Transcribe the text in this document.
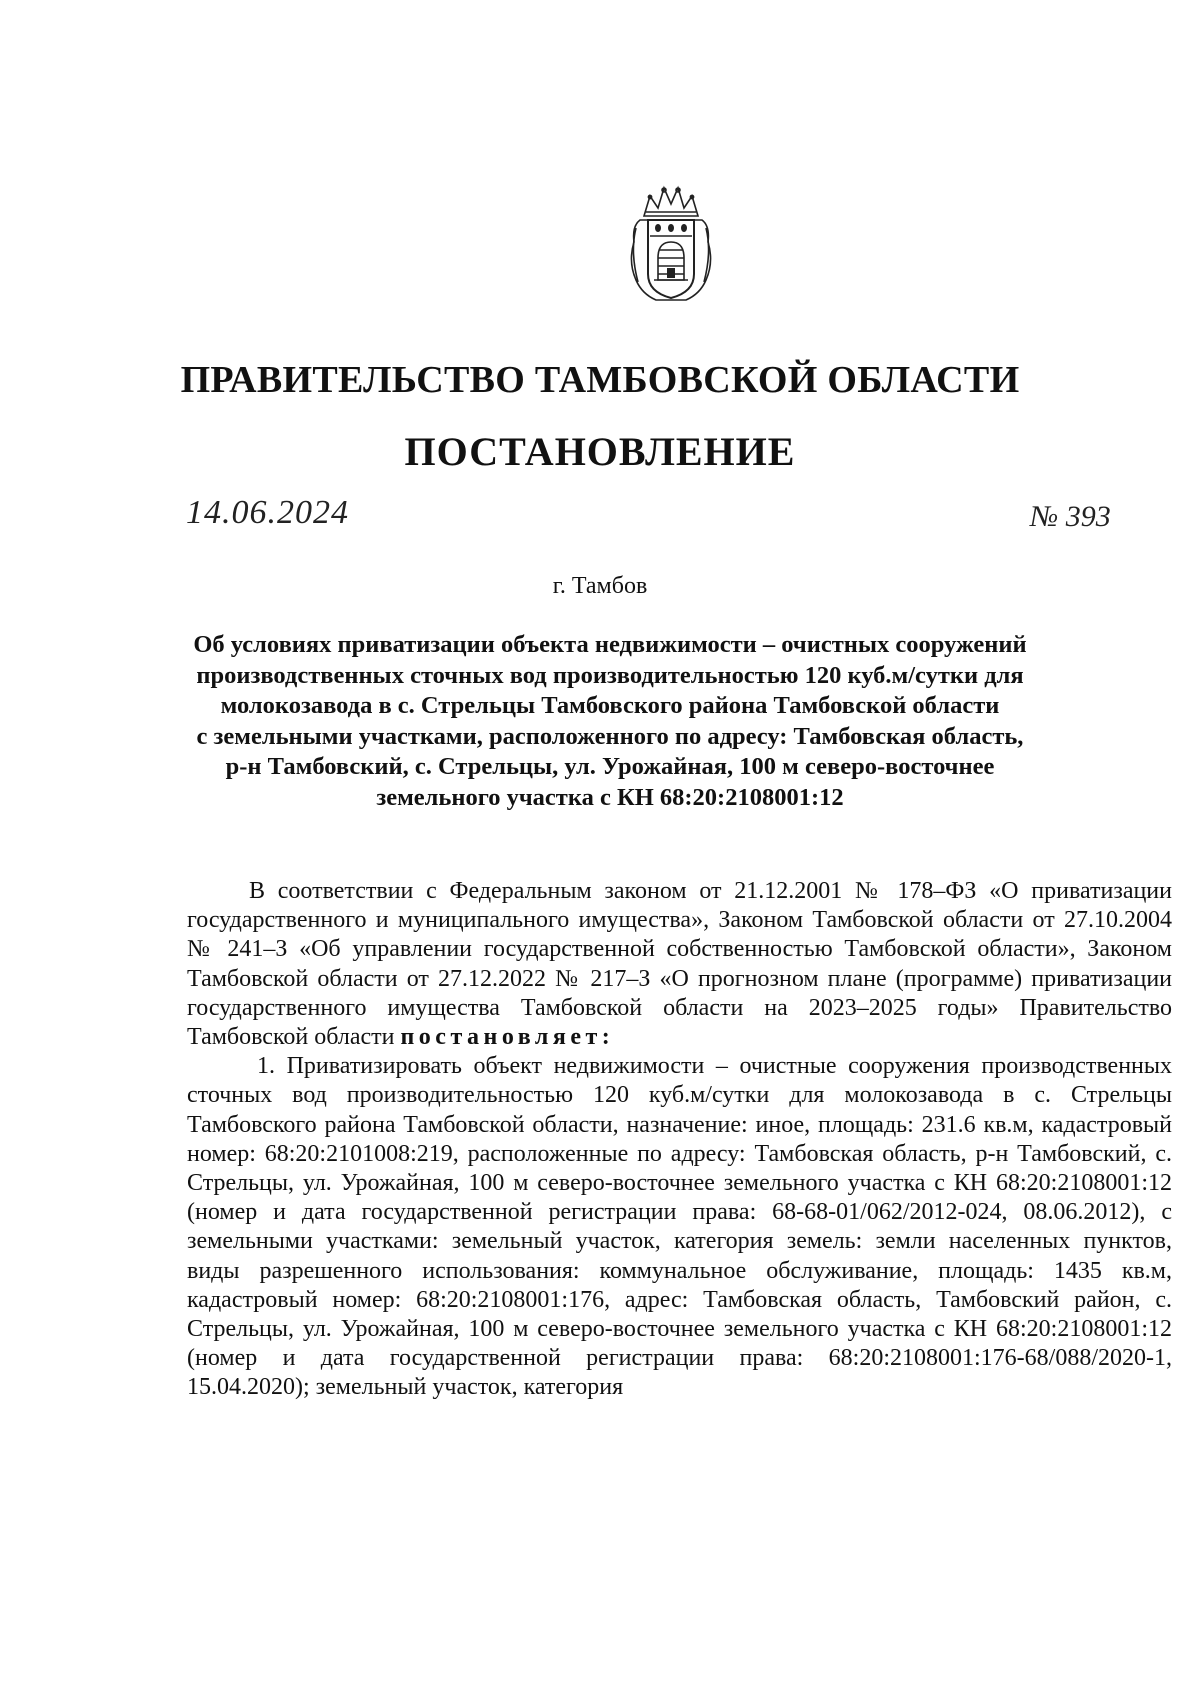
ПРАВИТЕЛЬСТВО ТАМБОВСКОЙ ОБЛАСТИ
ПОСТАНОВЛЕНИЕ
14.06.2024	№ 393
г. Тамбов
Об условиях приватизации объекта недвижимости – очистных сооружений
производственных сточных вод производительностью 120 куб.м/сутки для
молокозавода в с. Стрельцы Тамбовского района Тамбовской области
с земельными участками, расположенного по адресу: Тамбовская область,
р-н Тамбовский, с. Стрельцы, ул. Урожайная, 100 м северо-восточнее
земельного участка с КН 68:20:2108001:12

В соответствии с Федеральным законом от 21.12.2001 № 178–ФЗ «О приватизации государственного и муниципального имущества», Законом Тамбовской области от 27.10.2004 № 241–З «Об управлении государственной собственностью Тамбовской области», Законом Тамбовской области от 27.12.2022 № 217–З «О прогнозном плане (программе) приватизации государственного имущества Тамбовской области на 2023–2025 годы» Правительство Тамбовской области постановляет:

1. Приватизировать объект недвижимости – очистные сооружения производственных сточных вод производительностью 120 куб.м/сутки для молокозавода в с. Стрельцы Тамбовского района Тамбовской области, назначение: иное, площадь: 231.6 кв.м, кадастровый номер: 68:20:2101008:219, расположенные по адресу: Тамбовская область, р-н Тамбовский, с. Стрельцы, ул. Урожайная, 100 м северо-восточнее земельного участка с КН 68:20:2108001:12 (номер и дата государственной регистрации права: 68-68-01/062/2012-024, 08.06.2012), с земельными участками: земельный участок, категория земель: земли населенных пунктов, виды разрешенного использования: коммунальное обслуживание, площадь: 1435 кв.м, кадастровый номер: 68:20:2108001:176, адрес: Тамбовская область, Тамбовский район, с. Стрельцы, ул. Урожайная, 100 м северо-восточнее земельного участка с КН 68:20:2108001:12 (номер и дата государственной регистрации права: 68:20:2108001:176-68/088/2020-1, 15.04.2020); земельный участок, категория
